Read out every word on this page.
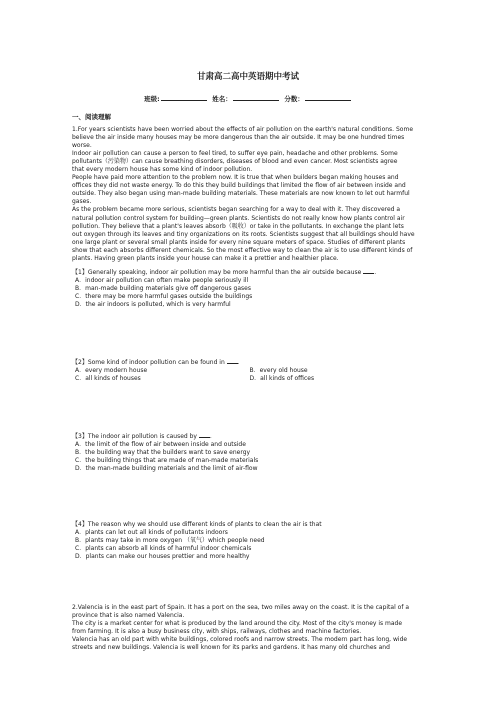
甘肃高二高中英语期中考试
班级:	姓名：	分数：
一、阅读理解

1.For years scientists have been worried about the effects of air pollution on the earth's natural conditions. Some

believe the air inside many houses may be more dangerous than the air outside. It may be one hundred times

worse.

Indoor air pollution can cause a person to feel tired, to suffer eye pain, headache and other problems. Some

pollutants（污染物）can cause breathing disorders, diseases of blood and even cancer. Most scientists agree

that every modern house has some kind of indoor pollution.

People have paid more attention to the problem now. It is true that when builders began making houses and

offices they did not waste energy. To do this they build buildings that limited the flow of air between inside and

outside. They also began using man-made building materials. These materials are now known to let out harmful

gases.

As the problem became more serious, scientists began searching for a way to deal with it. They discovered a

natural pollution control system for building—green plants. Scientists do not really know how plants control air

pollution. They believe that a plant's leaves absorb（吸收）or take in the pollutants. In exchange the plant lets

out oxygen through its leaves and tiny organizations on its roots. Scientists suggest that all buildings should have

one large plant or several small plants inside for every nine square meters of space. Studies of different plants

show that each absorbs different chemicals. So the most effective way to clean the air is to use different kinds of

plants. Having green plants inside your house can make it a prettier and healthier place.

【1】Generally speaking, indoor air pollution may be more harmful than the air outside because .

A．indoor air pollution can often make people seriously ill

B．man-made building materials give off dangerous gases

C．there may be more harmful gases outside the buildings

D．the air indoors is polluted, which is very harmful

【2】Some kind of indoor pollution can be found in .

A．every modern house	B．every old house
C．all kinds of houses	D．all kinds of offices

【3】The indoor air pollution is caused by .

A．the limit of the flow of air between inside and outside

B．the building way that the builders want to save energy

C．the building things that are made of man-made materials

D．the man-made building materials and the limit of air-flow

【4】The reason why we should use different kinds of plants to clean the air is that

A．plants can let out all kinds of pollutants indoors

B．plants may take in more oxygen （氧气）which people need

C．plants can absorb all kinds of harmful indoor chemicals

D．plants can make our houses prettier and more healthy

2.Valencia is in the east part of Spain. It has a port on the sea, two miles away on the coast. It is the capital of a

province that is also named Valencia.

The city is a market center for what is produced by the land around the city. Most of the city's money is made

from farming. It is also a busy business city, with ships, railways, clothes and machine factories.

Valencia has an old part with white buildings, colored roofs and narrow streets. The modern part has long, wide

streets and new buildings. Valencia is well known for its parks and gardens. It has many old churches and
